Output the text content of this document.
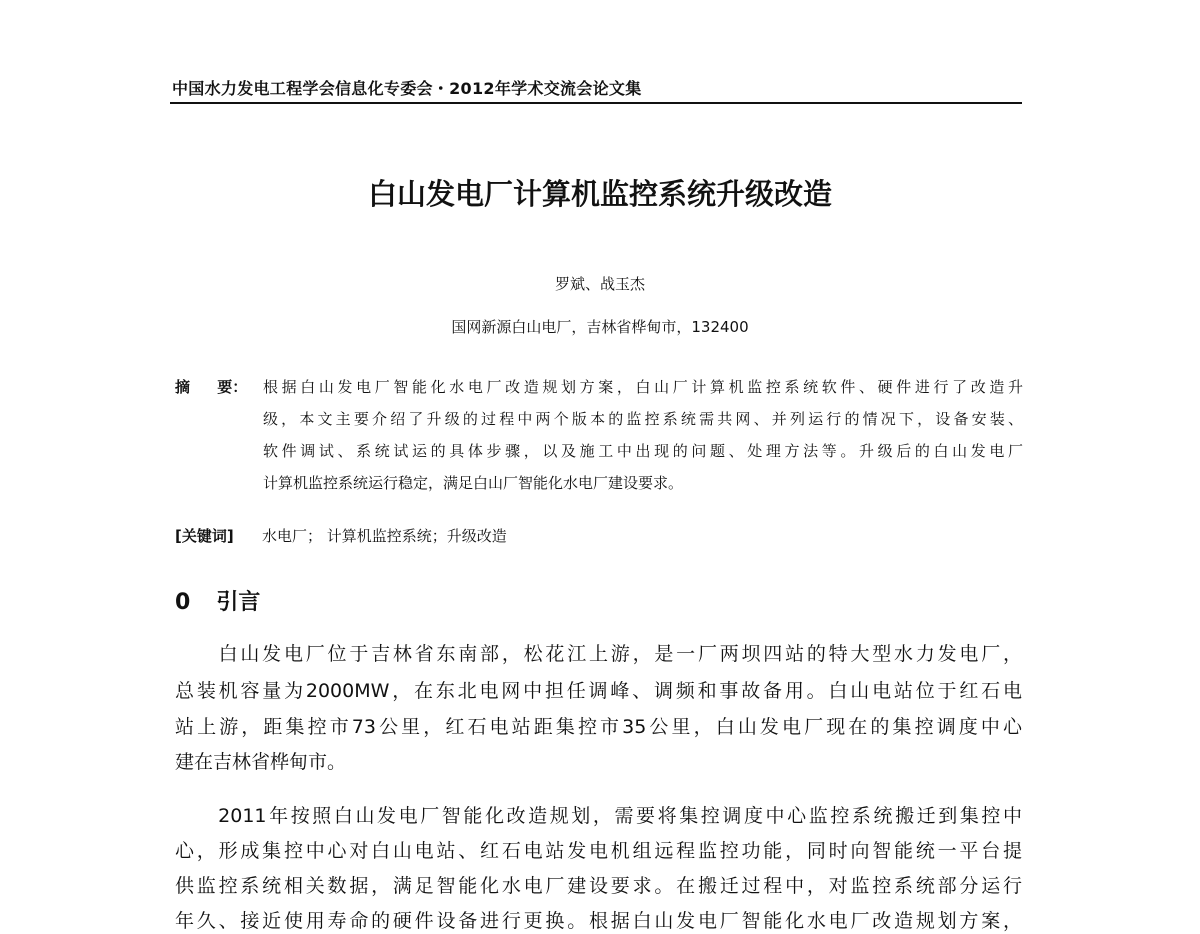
中国水力发电工程学会信息化专委会・2012年学术交流会论文集
白山发电厂计算机监控系统升级改造
罗斌、战玉杰
国网新源白山电厂，吉林省桦甸市，132400
摘 要： 根据白山发电厂智能化水电厂改造规划方案，白山厂计算机监控系统软件、硬件进行了改造升
级，本文主要介绍了升级的过程中两个版本的监控系统需共网、并列运行的情况下，设备安装、
软件调试、系统试运的具体步骤，以及施工中出现的问题、处理方法等。升级后的白山发电厂
计算机监控系统运行稳定，满足白山厂智能化水电厂建设要求。
[关键词] 水电厂； 计算机监控系统；升级改造
0 引言
　　白山发电厂位于吉林省东南部，松花江上游，是一厂两坝四站的特大型水力发电厂，
总装机容量为2000MW，在东北电网中担任调峰、调频和事故备用。白山电站位于红石电
站上游，距集控市73公里，红石电站距集控市35公里，白山发电厂现在的集控调度中心
建在吉林省桦甸市。
　　2011年按照白山发电厂智能化改造规划，需要将集控调度中心监控系统搬迁到集控中
心，形成集控中心对白山电站、红石电站发电机组远程监控功能，同时向智能统一平台提
供监控系统相关数据，满足智能化水电厂建设要求。在搬迁过程中，对监控系统部分运行
年久、接近使用寿命的硬件设备进行更换。根据白山发电厂智能化水电厂改造规划方案，
